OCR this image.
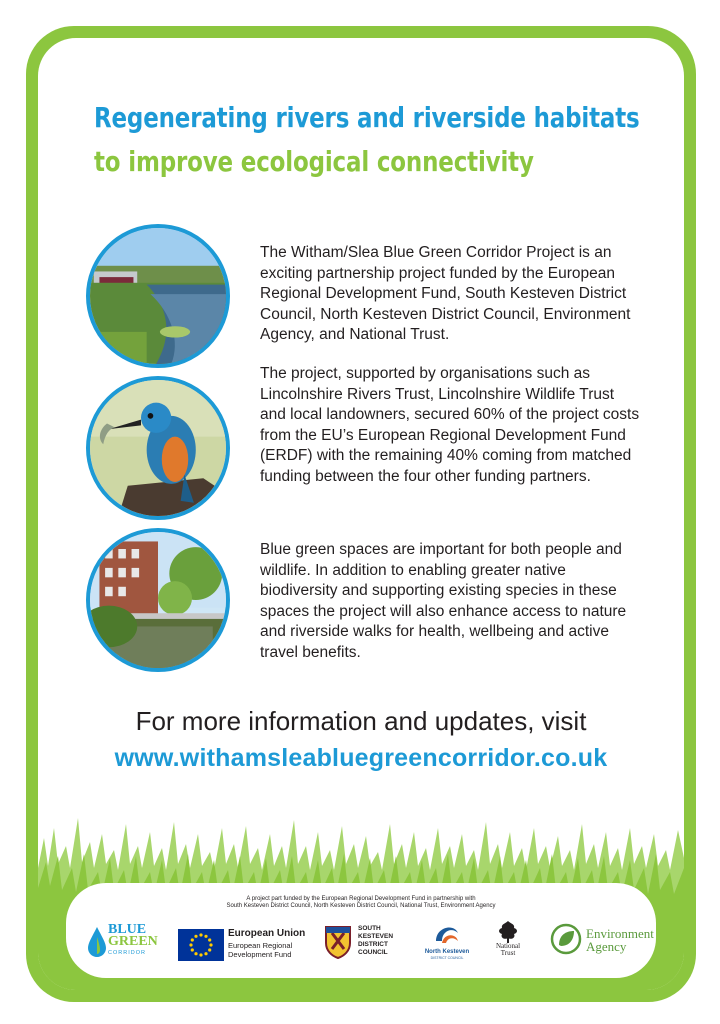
Regenerating rivers and riverside habitats
to improve ecological connectivity

The Witham/Slea Blue Green Corridor Project is an exciting partnership project funded by the European Regional Development Fund, South Kesteven District Council, North Kesteven District Council, Environment Agency, and National Trust.

The project, supported by organisations such as Lincolnshire Rivers Trust, Lincolnshire Wildlife Trust and local landowners, secured 60% of the project costs from the EU’s European Regional Development Fund (ERDF) with the remaining 40% coming from matched funding between the four other funding partners.

Blue green spaces are important for both people and wildlife. In addition to enabling greater native biodiversity and supporting existing species in these spaces the project will also enhance access to nature and riverside walks for health, wellbeing and active travel benefits.

For more information and updates, visit
www.withamsleabluegreencorridor.co.uk
A project part funded by the European Regional Development Fund in partnership with
South Kesteven District Council, North Kesteven District Council, National Trust, Environment Agency
BLUE
GREEN
CORRIDOR
European Union
European Regional
Development Fund
SOUTH
KESTEVEN
DISTRICT
COUNCIL	North Kesteven
DISTRICT COUNCIL
National
Trust
Environment
Agency
